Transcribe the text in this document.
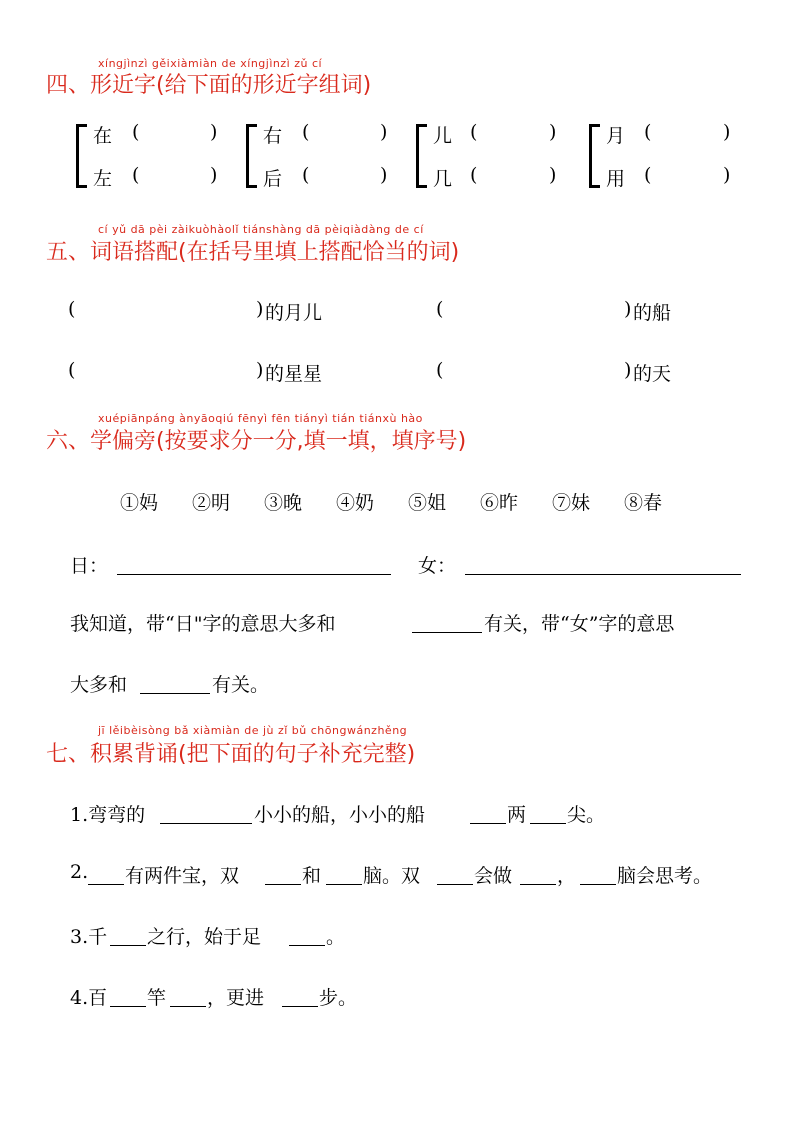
xíngjìnzì gěixiàmiàn de xíngjìnzì zǔ cí
四、形近字(给下面的形近字组词)
在 (	)
左 (	)
右 (	)
后 (	)
儿 (	)
几 (	)
月 (	)
用 (	)
cí yǔ dā pèi zàikuòhàolǐ tiánshàng dā pèiqiàdàng de cí
五、词语搭配(在括号里填上搭配恰当的词)
(	) 的月儿	(	) 的船
(	) 的星星	(	) 的天
xuépiānpáng ànyāoqiú fēnyì fēn tiányì tián tiánxù hào
六、学偏旁(按要求分一分,填一填，填序号)
①妈 ②明 ③晚 ④奶 ⑤姐 ⑥昨 ⑦妹 ⑧春
日：	女：
我知道，带“日"字的意思大多和	有关，带“女”字的意思
大多和	有关。
jī lěibèisòng bǎ xiàmiàn de jù zǐ bǔ chōngwánzhěng
七、积累背诵(把下面的句子补充完整)
1.弯弯的	小小的船，小小的船	两 尖。
2. 有两件宝，双	和 脑。双	会做 ， 脑会思考。
3.千 之行，始于足	。
4.百 竿 ，更进	步。
